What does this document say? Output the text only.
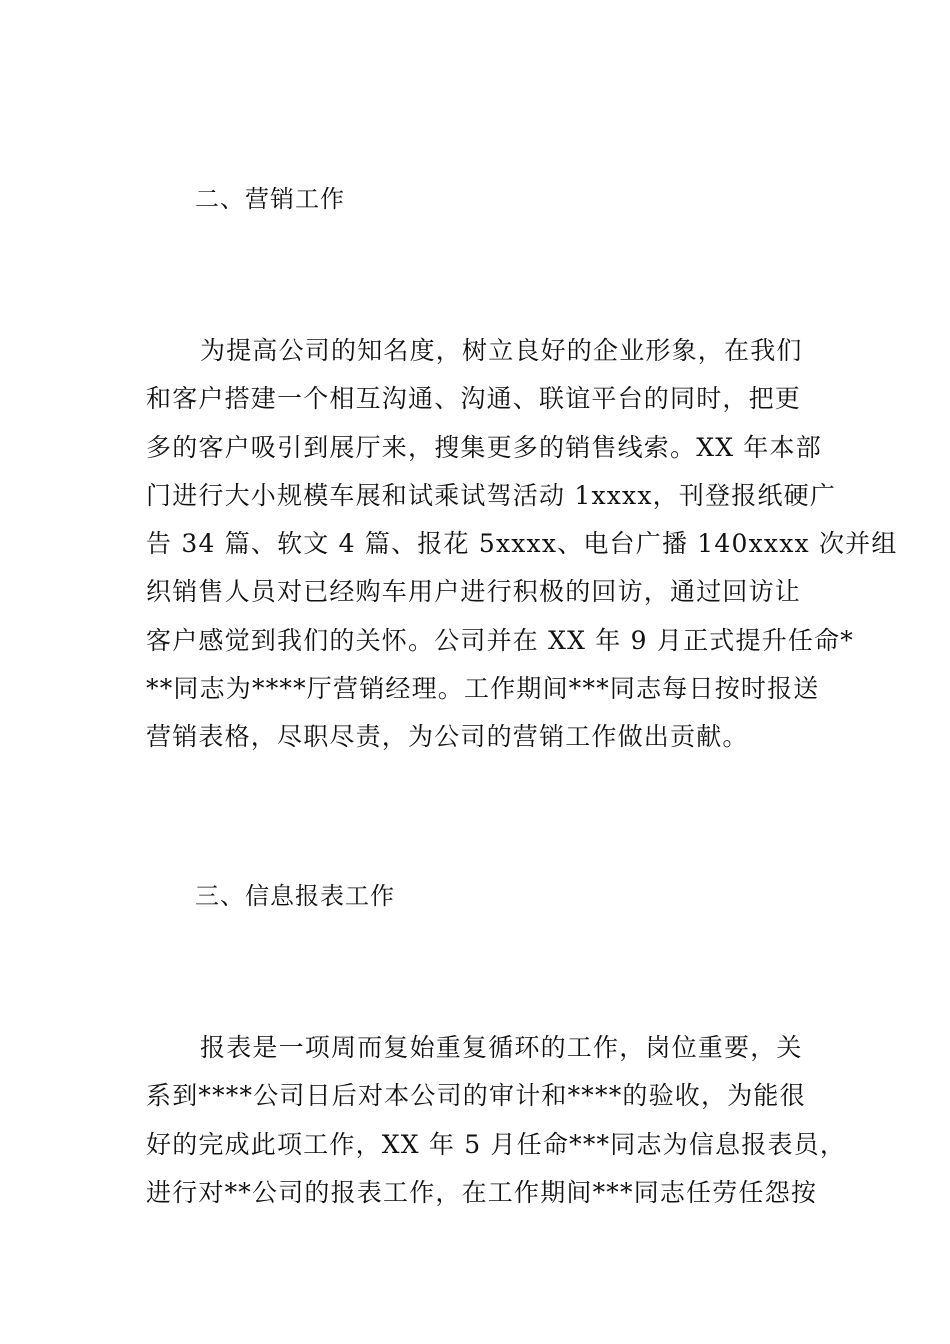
二、营销工作
为提高公司的知名度，树立良好的企业形象，在我们
和客户搭建一个相互沟通、沟通、联谊平台的同时，把更
多的客户吸引到展厅来，搜集更多的销售线索。XX 年本部
门进行大小规模车展和试乘试驾活动 1xxxx，刊登报纸硬广
告 34 篇、软文 4 篇、报花 5xxxx、电台广播 140xxxx 次并组
织销售人员对已经购车用户进行积极的回访，通过回访让
客户感觉到我们的关怀。公司并在 XX 年 9 月正式提升任命*
**同志为****厅营销经理。工作期间***同志每日按时报送
营销表格，尽职尽责，为公司的营销工作做出贡献。
三、信息报表工作
报表是一项周而复始重复循环的工作，岗位重要，关
系到****公司日后对本公司的审计和****的验收，为能很
好的完成此项工作，XX 年 5 月任命***同志为信息报表员，
进行对**公司的报表工作，在工作期间***同志任劳任怨按
